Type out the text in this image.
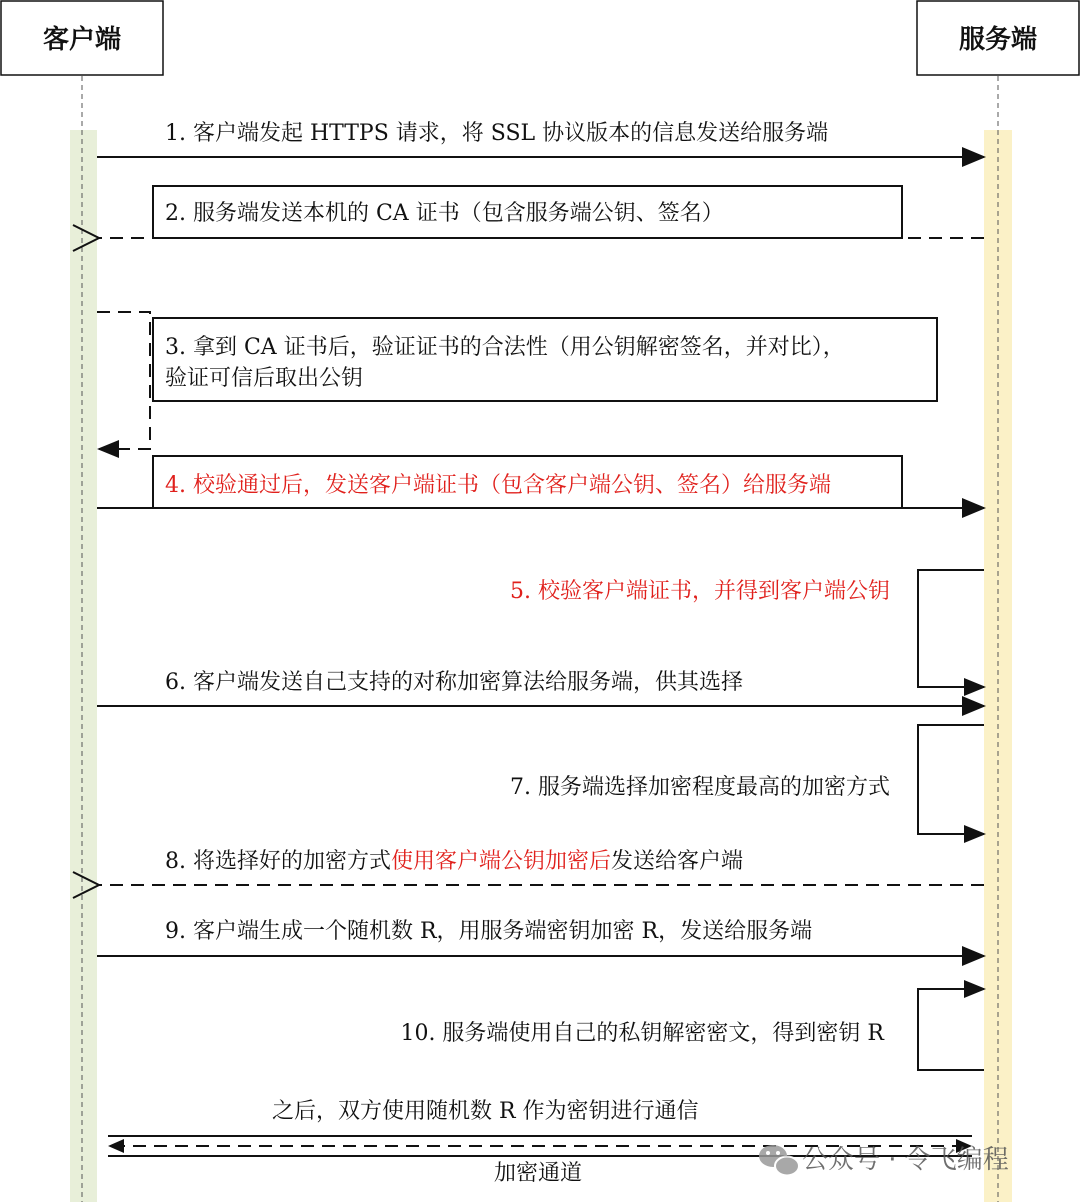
客户端	服务端
1. 客户端发起 HTTPS 请求，将 SSL 协议版本的信息发送给服务端
2. 服务端发送本机的 CA 证书（包含服务端公钥、签名）
3. 拿到 CA 证书后，验证证书的合法性（用公钥解密签名，并对比），
验证可信后取出公钥
4. 校验通过后，发送客户端证书（包含客户端公钥、签名）给服务端
5. 校验客户端证书，并得到客户端公钥
6. 客户端发送自己支持的对称加密算法给服务端，供其选择
7. 服务端选择加密程度最高的加密方式
8. 将选择好的加密方式使用客户端公钥加密后发送给客户端
9. 客户端生成一个随机数 R，用服务端密钥加密 R，发送给服务端
10. 服务端使用自己的私钥解密密文，得到密钥 R
之后，双方使用随机数 R 作为密钥进行通信
加密通道	公众号 · 令飞编程
